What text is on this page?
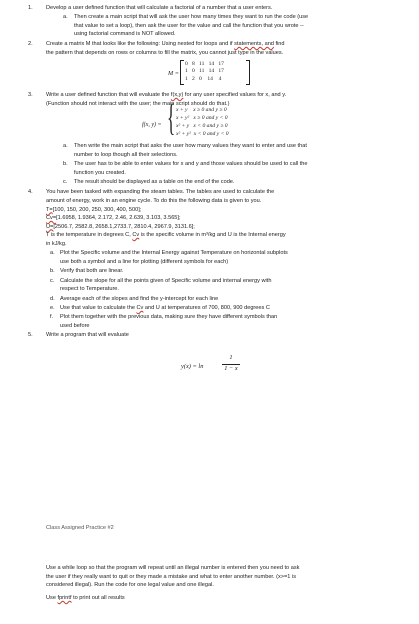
1. Develop a user defined function that will calculate a factorial of a number that a user enters.
a. Then create a main script that will ask the user how many times they want to run the code (use
that value to set a loop), then ask the user for the value and call the function that you wrote --
using factorial command is NOT allowed.
2. Create a matrix M that looks like the following: Using nested for loops and if statements, and find
the pattern that depends on rows or columns to fill the matrix, you cannot just type in the values.
M =
0   8   11   14   17
1   0   11   14   17
1   2   0    14    4
3. Write a user defined function that will evaluate the f(x,y) for any user specified values for x, and y.
(Function should not interact with the user; the main script should do that.)
f(x, y) = { x + y    x ≥ 0 and y ≥ 0
x + y²   x ≥ 0 and y < 0
x² + y   x < 0 and y ≥ 0
x² + y²  x < 0 and y < 0
a. Then write the main script that asks the user how many values they want to enter and use that
number to loop though all their selections.
b. The user has to be able to enter values for x and y and those values should be used to call the
function you created.
c. The result should be displayed as a table on the end of the code.
4. You have been tasked with expanding the steam tables. The tables are used to calculate the
amount of energy, work in an engine cycle. To do this the following data is given to you.
T=[100, 150, 200, 250, 300, 400, 500];
Cv=[1.6958, 1.9364, 2.172, 2.46, 2.639, 3.103, 3.565];
U=[2506.7, 2582.8, 2658.1,2733.7, 2810.4, 2967.9, 3131.6];
T is the temperature in degrees C, Cv is the specific volume in m³/kg and U is the Internal energy
in kJ/kg.
a. Plot the Specific volume and the Internal Energy against Temperature on horizontal subplots
use both a symbol and a line for plotting (different symbols for each)
b. Verify that both are linear.
c. Calculate the slope for all the points given of Specific volume and internal energy with
respect to Temperature.
d. Average each of the slopes and find the y-intercept for each line
e. Use that value to calculate the Cv and U at temperatures of 700, 800, 900 degrees C
f. Plot them together with the previous data, making sure they have different symbols than
used before
5. Write a program that will evaluate
y(x) = ln
1
1 − x
Class Assigned Practice #2
Use a while loop so that the program will repeat until an illegal number is entered then you need to ask
the user if they really want to quit or they made a mistake and what to enter another number. (x>=1 is
considered illegal). Run the code for one legal value and one illegal.
Use fprintf to print out all results
